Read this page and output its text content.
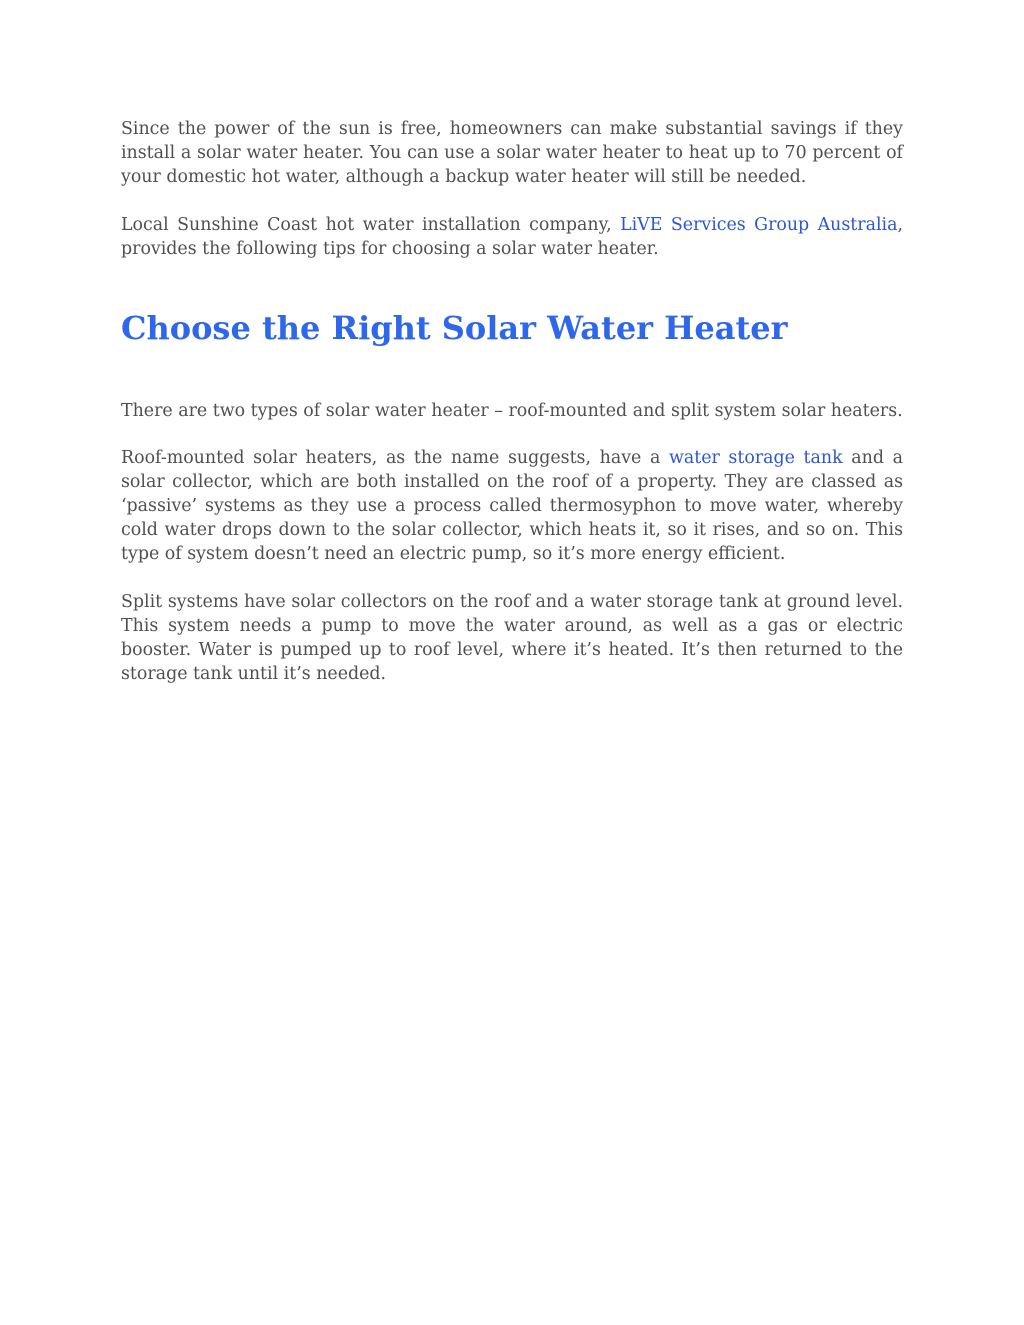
Since the power of the sun is free, homeowners can make substantial savings if they install a solar water heater. You can use a solar water heater to heat up to 70 percent of your domestic hot water, although a backup water heater will still be needed.

Local Sunshine Coast hot water installation company, LiVE Services Group Australia, provides the following tips for choosing a solar water heater.

Choose the Right Solar Water Heater

There are two types of solar water heater – roof-mounted and split system solar heaters.

Roof-mounted solar heaters, as the name suggests, have a water storage tank and a solar collector, which are both installed on the roof of a property. They are classed as ‘passive’ systems as they use a process called thermosyphon to move water, whereby cold water drops down to the solar collector, which heats it, so it rises, and so on. This type of system doesn’t need an electric pump, so it’s more energy efficient.

Split systems have solar collectors on the roof and a water storage tank at ground level. This system needs a pump to move the water around, as well as a gas or electric booster. Water is pumped up to roof level, where it’s heated. It’s then returned to the storage tank until it’s needed.
